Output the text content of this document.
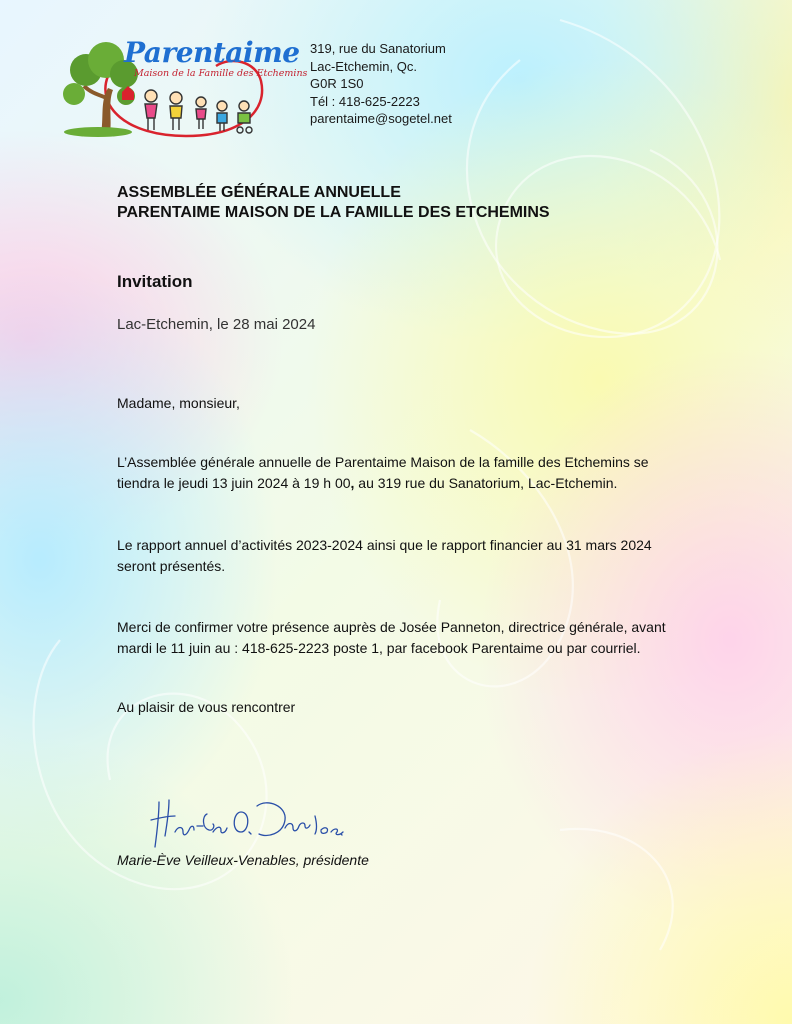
Parentaime
Maison de la Famille des Etchemins
319, rue du Sanatorium
Lac-Etchemin, Qc.
G0R 1S0
Tél : 418-625-2223
parentaime@sogetel.net
ASSEMBLÉE GÉNÉRALE ANNUELLE
PARENTAIME MAISON DE LA FAMILLE DES ETCHEMINS
Invitation
Lac-Etchemin, le 28 mai 2024
Madame, monsieur,
L’Assemblée générale annuelle de Parentaime Maison de la famille des Etchemins se
tiendra le jeudi 13 juin 2024 à 19 h 00, au 319 rue du Sanatorium, Lac-Etchemin.
Le rapport annuel d’activités 2023-2024 ainsi que le rapport financier au 31 mars 2024
seront présentés.
Merci de confirmer votre présence auprès de Josée Panneton, directrice générale, avant
mardi le 11 juin au : 418-625-2223 poste 1, par facebook Parentaime ou par courriel.
Au plaisir de vous rencontrer
Marie-Ève Veilleux-Venables, présidente
